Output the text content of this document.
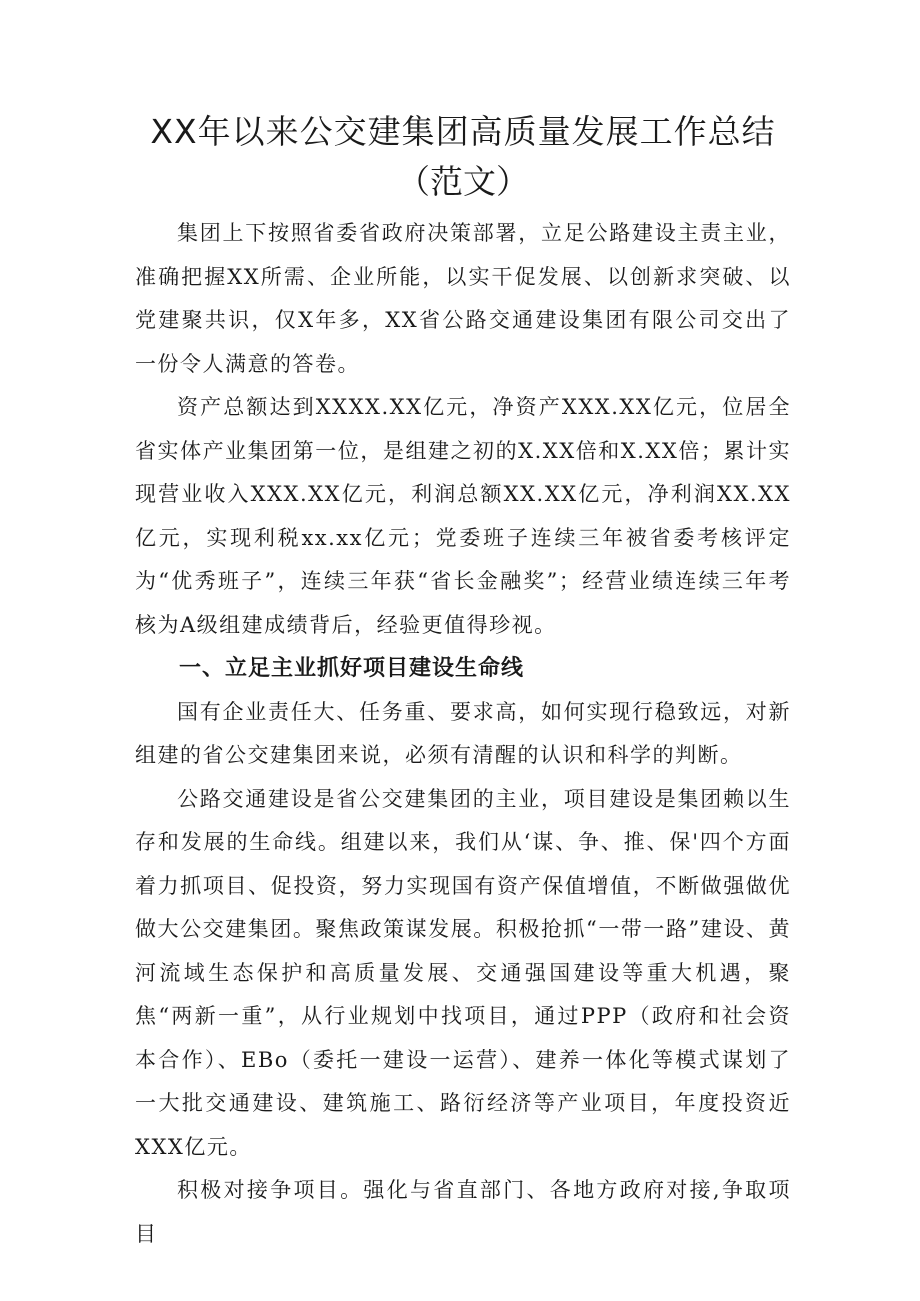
XX年以来公交建集团高质量发展工作总结
（范文）

集团上下按照省委省政府决策部署，立足公路建设主责主业，准确把握XX所需、企业所能，以实干促发展、以创新求突破、以党建聚共识，仅X年多，XX省公路交通建设集团有限公司交出了一份令人满意的答卷。

资产总额达到XXXX.XX亿元，净资产XXX.XX亿元，位居全省实体产业集团第一位，是组建之初的X.XX倍和X.XX倍；累计实现营业收入XXX.XX亿元，利润总额XX.XX亿元，净利润XX.XX亿元，实现利税xx.xx亿元；党委班子连续三年被省委考核评定为“优秀班子”，连续三年获“省长金融奖”；经营业绩连续三年考核为A级组建成绩背后，经验更值得珍视。

一、立足主业抓好项目建设生命线

国有企业责任大、任务重、要求高，如何实现行稳致远，对新组建的省公交建集团来说，必须有清醒的认识和科学的判断。

公路交通建设是省公交建集团的主业，项目建设是集团赖以生存和发展的生命线。组建以来，我们从‘谋、争、推、保'四个方面着力抓项目、促投资，努力实现国有资产保值增值，不断做强做优做大公交建集团。聚焦政策谋发展。积极抢抓“一带一路”建设、黄河流域生态保护和高质量发展、交通强国建设等重大机遇，聚焦“两新一重”，从行业规划中找项目，通过PPP（政府和社会资本合作）、EBo（委托一建设一运营）、建养一体化等模式谋划了一大批交通建设、建筑施工、路衍经济等产业项目，年度投资近XXX亿元。

积极对接争项目。强化与省直部门、各地方政府对接,争取项目
